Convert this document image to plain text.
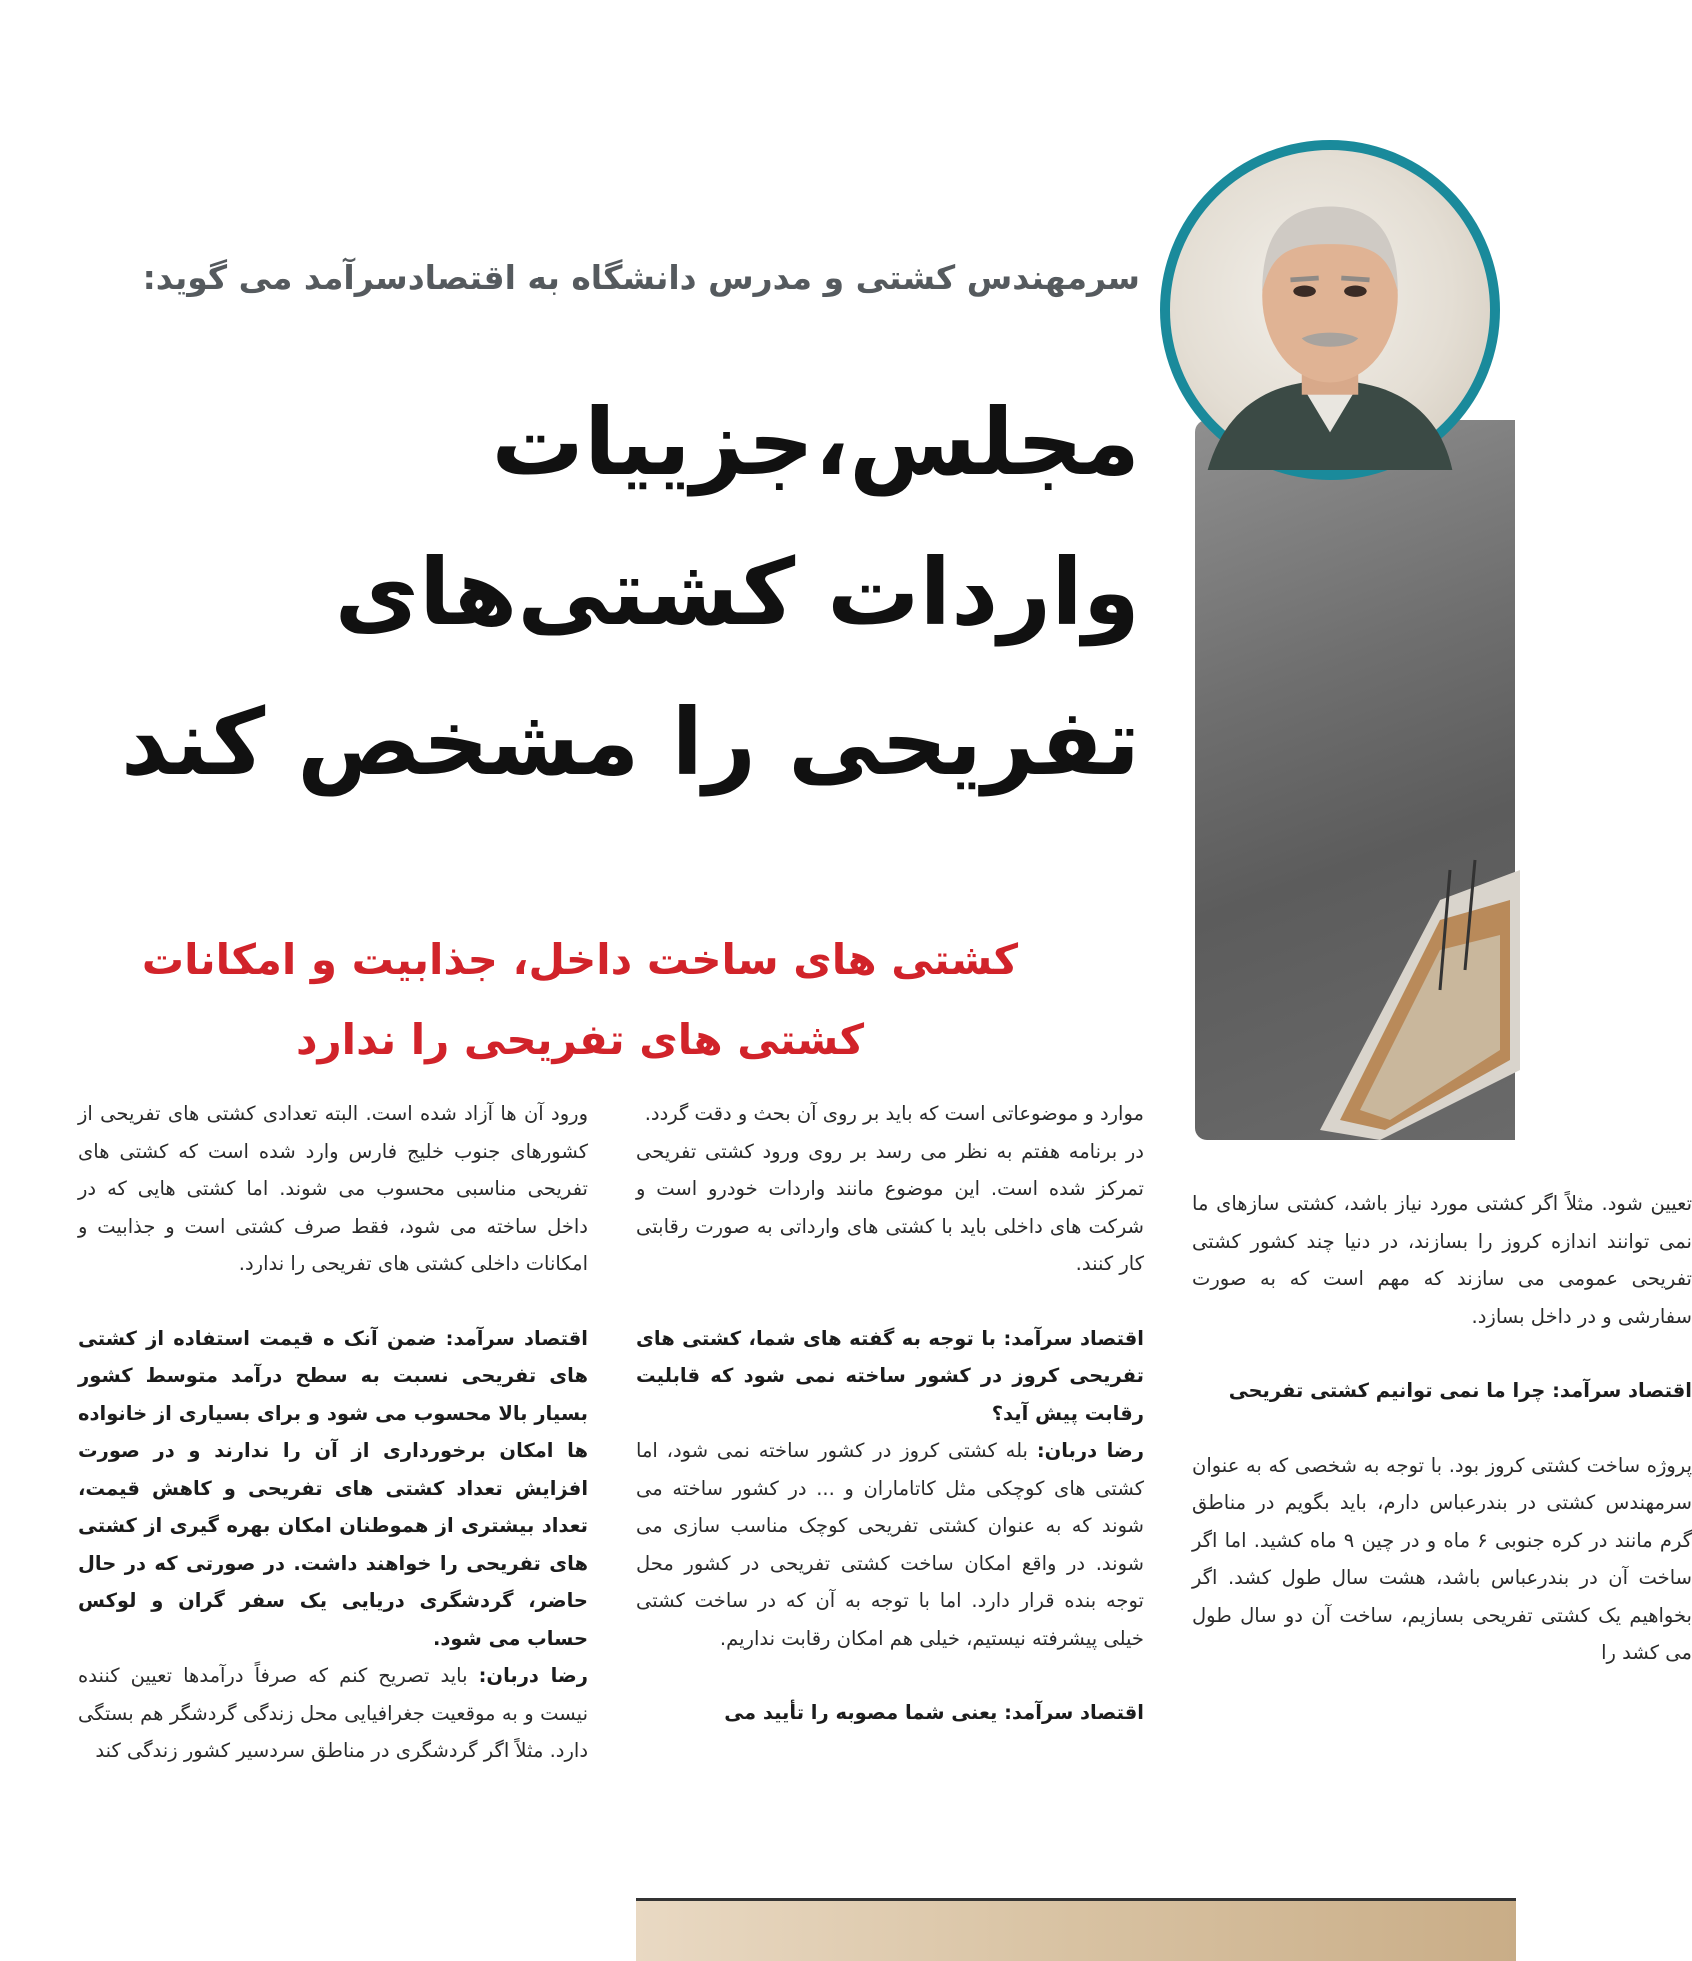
سرمهندس کشتی و مدرس دانشگاه به اقتصادسرآمد می گوید:
مجلس،جزییات
واردات کشتی‌های
تفریحی را مشخص کند
کشتی های ساخت داخل، جذابیت و امکانات
کشتی های تفریحی را ندارد

ورود آن ها آزاد شده است. البته تعدادی کشتی های تفریحی از کشورهای جنوب خلیج فارس وارد شده است که کشتی های تفریحی مناسبی محسوب می شوند. اما کشتی هایی که در داخل ساخته می شود، فقط صرف کشتی است و جذابیت و امکانات داخلی کشتی های تفریحی را ندارد.

اقتصاد سرآمد: ضمن آنک ه قیمت استفاده از کشتی های تفریحی نسبت به سطح درآمد متوسط کشور بسیار بالا محسوب می شود و برای بسیاری از خانواده ها امکان برخورداری از آن را ندارند و در صورت افزایش تعداد کشتی های تفریحی و کاهش قیمت، تعداد بیشتری از هموطنان امکان بهره گیری از کشتی های تفریحی را خواهند داشت. در صورتی که در حال حاضر، گردشگری دریایی یک سفر گران و لوکس حساب می شود.

رضا دربان: باید تصریح کنم که صرفاً درآمدها تعیین کننده نیست و به موقعیت جغرافیایی محل زندگی گردشگر هم بستگی دارد. مثلاً اگر گردشگری در مناطق سردسیر کشور زندگی کند

موارد و موضوعاتی است که باید بر روی آن بحث و دقت گردد.

در برنامه هفتم به نظر می رسد بر روی ورود کشتی تفریحی تمرکز شده است. این موضوع مانند واردات خودرو است و شرکت های داخلی باید با کشتی های وارداتی به صورت رقابتی کار کنند.

اقتصاد سرآمد: با توجه به گفته های شما، کشتی های تفریحی کروز در کشور ساخته نمی شود که قابلیت رقابت پیش آید؟

رضا دربان: بله کشتی کروز در کشور ساخته نمی شود، اما کشتی های کوچکی مثل کاتاماران و ... در کشور ساخته می شوند که به عنوان کشتی تفریحی کوچک مناسب سازی می شوند. در واقع امکان ساخت کشتی تفریحی در کشور محل توجه بنده قرار دارد. اما با توجه به آن که در ساخت کشتی خیلی پیشرفته نیستیم، خیلی هم امکان رقابت نداریم.

اقتصاد سرآمد: یعنی شما مصوبه را تأیید می

تعیین شود. مثلاً اگر کشتی مورد نیاز باشد، کشتی سازهای ما نمی توانند اندازه کروز را بسازند، در دنیا چند کشور کشتی تفریحی عمومی می سازند که مهم است که به صورت سفارشی و در داخل بسازد.

اقتصاد سرآمد: چرا ما نمی توانیم کشتی تفریحی

پروژه ساخت کشتی کروز بود. با توجه به شخصی که به عنوان سرمهندس کشتی در بندرعباس دارم، باید بگویم در مناطق گرم مانند در کره جنوبی ۶ ماه و در چین ۹ ماه کشید. اما اگر ساخت آن در بندرعباس باشد، هشت سال طول کشد. اگر بخواهیم یک کشتی تفریحی بسازیم، ساخت آن دو سال طول می کشد را
